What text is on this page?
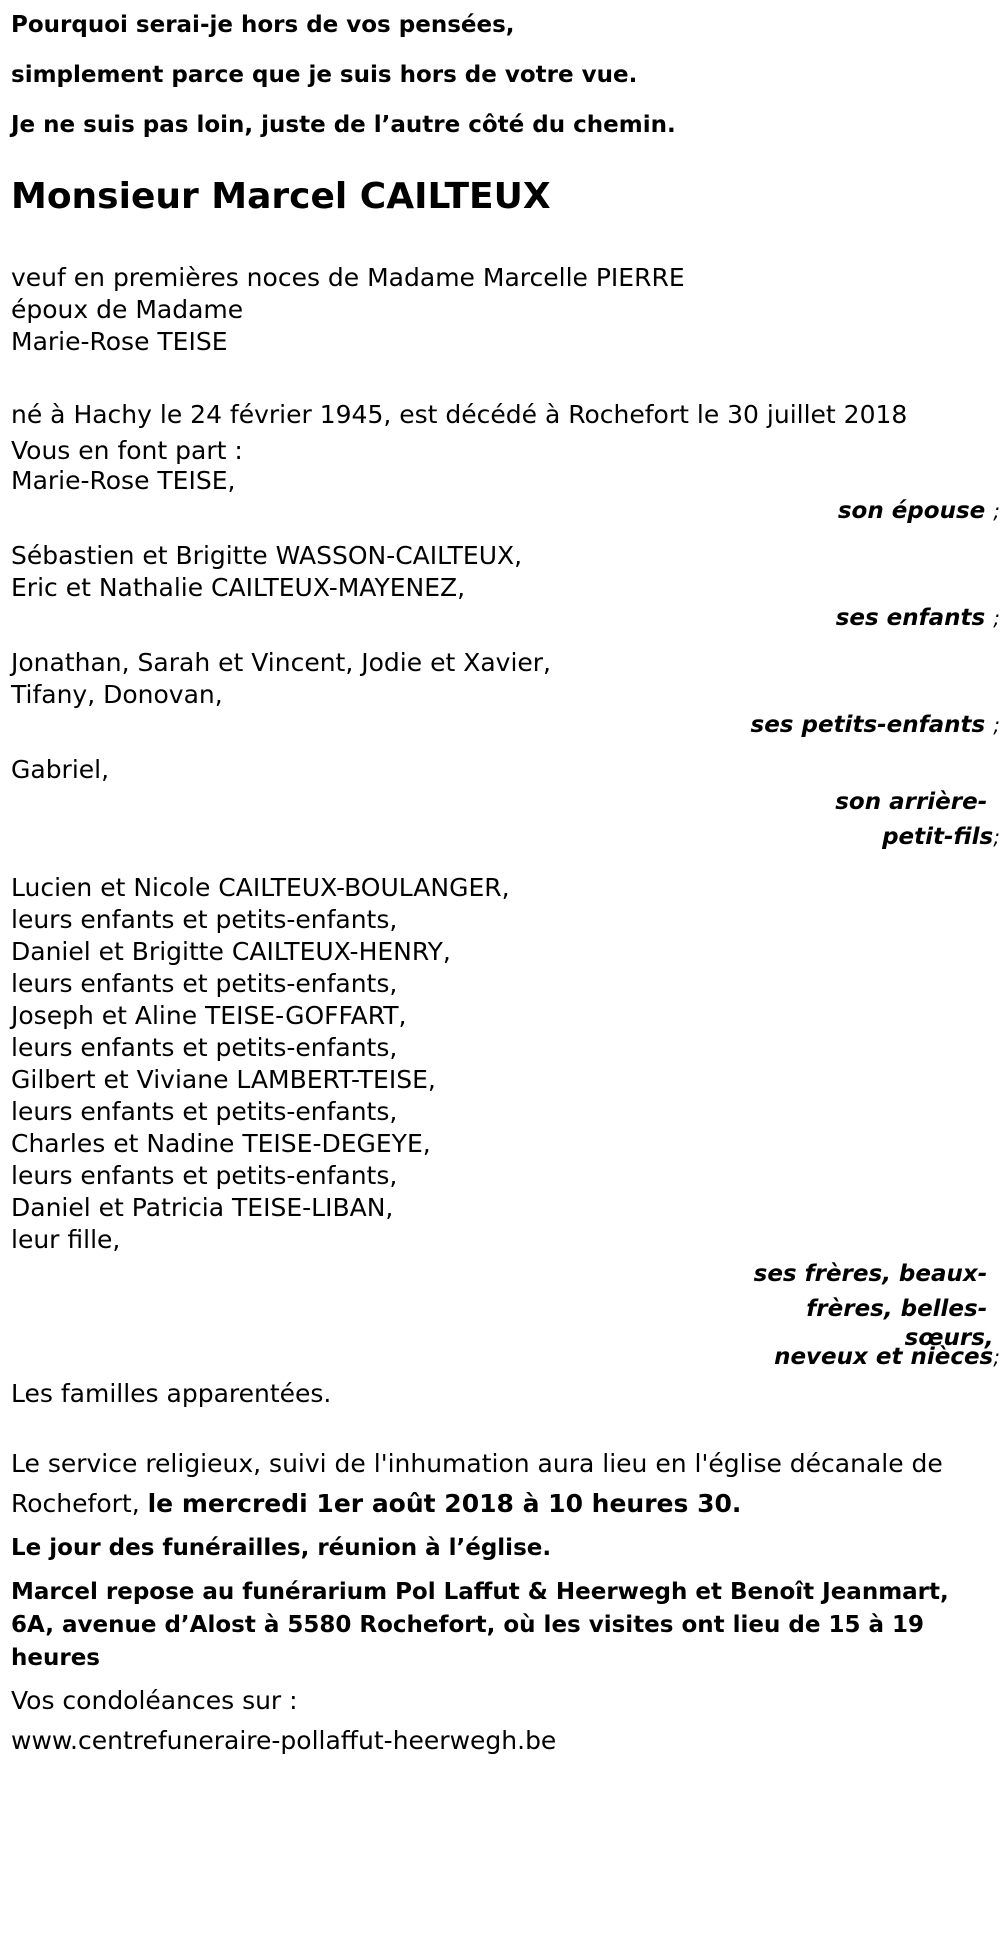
Pourquoi serai-je hors de vos pensées,

simplement parce que je suis hors de votre vue.

Je ne suis pas loin, juste de l’autre côté du chemin.

Monsieur Marcel CAILTEUX

veuf en premières noces de Madame Marcelle PIERRE

époux de Madame

Marie-Rose TEISE

né à Hachy le 24 février 1945, est décédé à Rochefort le 30 juillet 2018

Vous en font part :

Marie-Rose TEISE,

son épouse ;

Sébastien et Brigitte WASSON-CAILTEUX,

Eric et Nathalie CAILTEUX-MAYENEZ,

ses enfants ;

Jonathan, Sarah et Vincent, Jodie et Xavier,

Tifany, Donovan,

ses petits-enfants ;

Gabriel,

son arrière-

petit-fils;

Lucien et Nicole CAILTEUX-BOULANGER,

leurs enfants et petits-enfants,

Daniel et Brigitte CAILTEUX-HENRY,

leurs enfants et petits-enfants,

Joseph et Aline TEISE-GOFFART,

leurs enfants et petits-enfants,

Gilbert et Viviane LAMBERT-TEISE,

leurs enfants et petits-enfants,

Charles et Nadine TEISE-DEGEYE,

leurs enfants et petits-enfants,

Daniel et Patricia TEISE-LIBAN,

leur fille,

ses frères, beaux-

frères, belles-

sœurs,

neveux et nièces;

Les familles apparentées.

Le service religieux, suivi de l'inhumation aura lieu en l'église décanale de Rochefort, le mercredi 1er août 2018 à 10 heures 30.

Le jour des funérailles, réunion à l’église.

Marcel repose au funérarium Pol Laffut & Heerwegh et Benoît Jeanmart, 6A, avenue d’Alost à 5580 Rochefort, où les visites ont lieu de 15 à 19 heures

Vos condoléances sur :

www.centrefuneraire-pollaffut-heerwegh.be
